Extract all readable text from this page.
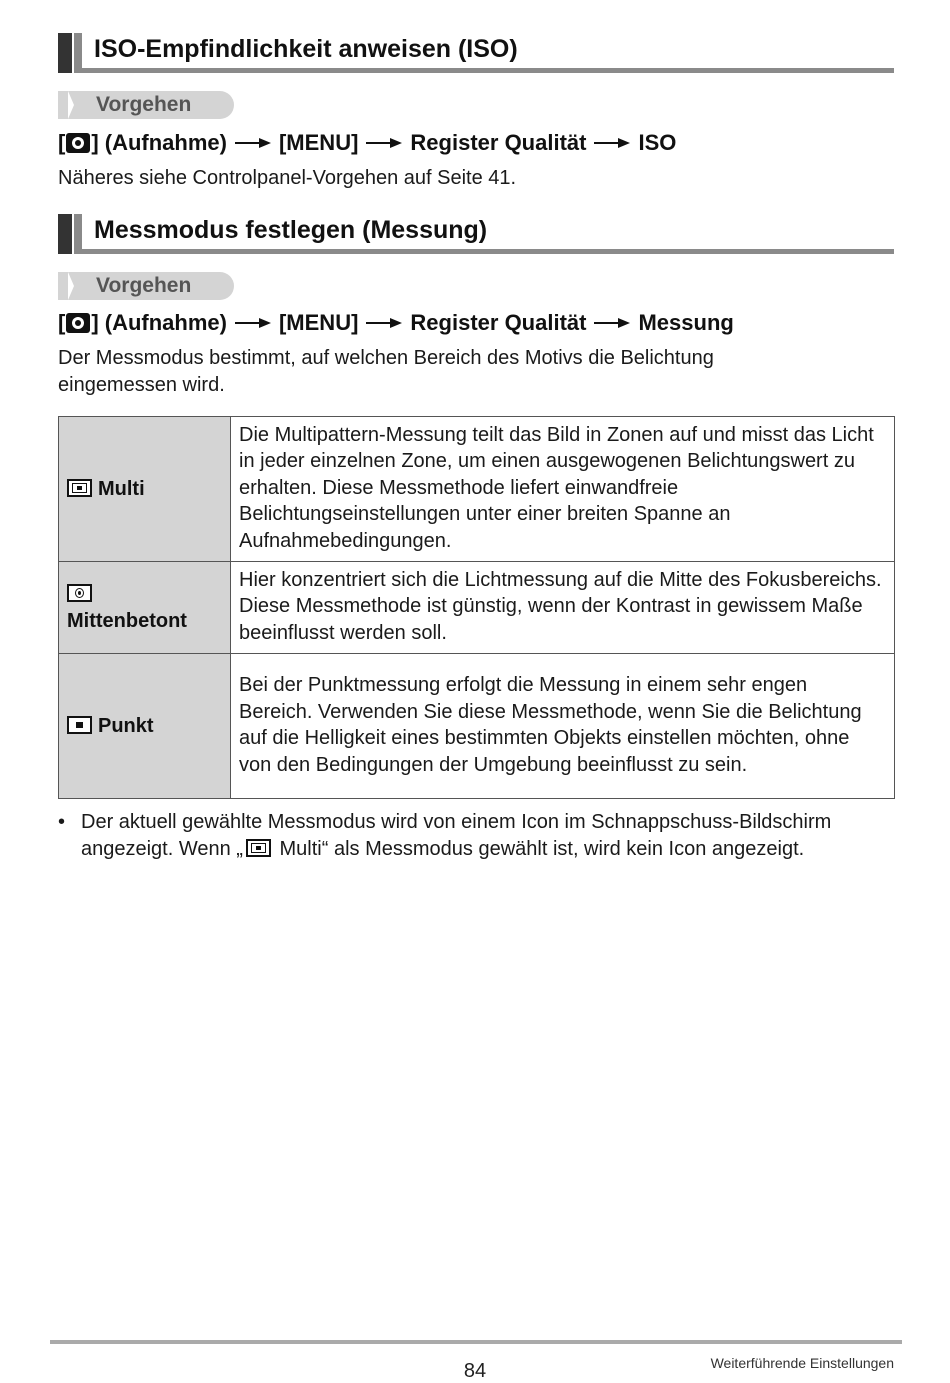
ISO-Empfindlichkeit anweisen (ISO)
Vorgehen
[ ] (Aufnahme) [MENU] Register Qualität ISO
Näheres siehe Controlpanel-Vorgehen auf Seite 41.
Messmodus festlegen (Messung)
Vorgehen
[ ] (Aufnahme) [MENU] Register Qualität Messung
Der Messmodus bestimmt, auf welchen Bereich des Motivs die Belichtung eingemessen wird.
Multi	Die Multipattern-Messung teilt das Bild in Zonen auf und misst das Licht in jeder einzelnen Zone, um einen ausgewogenen Belichtungswert zu erhalten. Diese Messmethode liefert einwandfreie Belichtungseinstellungen unter einer breiten Spanne an Aufnahmebedingungen.

Mittenbetont	Hier konzentriert sich die Lichtmessung auf die Mitte des Fokusbereichs. Diese Messmethode ist günstig, wenn der Kontrast in gewissem Maße beeinflusst werden soll.
Punkt	Bei der Punktmessung erfolgt die Messung in einem sehr engen Bereich. Verwenden Sie diese Messmethode, wenn Sie die Belichtung auf die Helligkeit eines bestimmten Objekts einstellen möchten, ohne von den Bedingungen der Umgebung beeinflusst zu sein.
• Der aktuell gewählte Messmodus wird von einem Icon im Schnappschuss-Bildschirm angezeigt. Wenn „ Multi“ als Messmodus gewählt ist, wird kein Icon angezeigt.
84	Weiterführende Einstellungen
